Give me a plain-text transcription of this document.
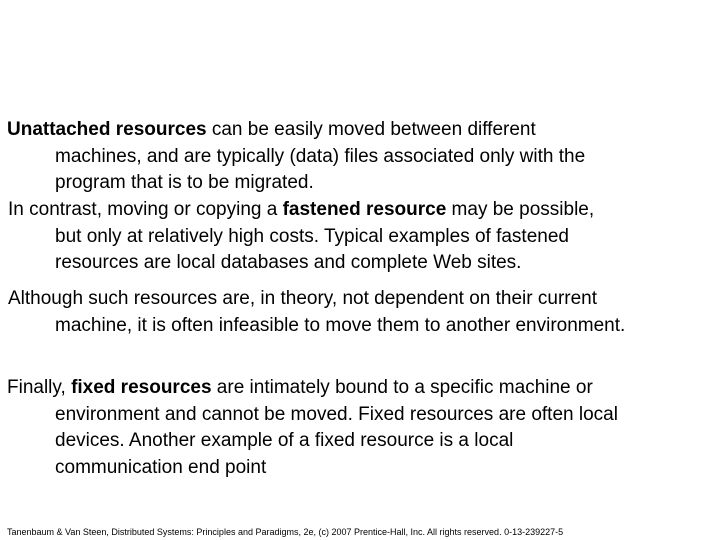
Unattached resources can be easily moved between different
machines, and are typically (data) files associated only with the
program that is to be migrated.
In contrast, moving or copying a fastened resource may be possible,
but only at relatively high costs. Typical examples of fastened
resources are local databases and complete Web sites.
Although such resources are, in theory, not dependent on their current
machine, it is often infeasible to move them to another environment.
Finally, fixed resources are intimately bound to a specific machine or
environment and cannot be moved. Fixed resources are often local
devices. Another example of a fixed resource is a local
communication end point
Tanenbaum & Van Steen, Distributed Systems: Principles and Paradigms, 2e, (c) 2007 Prentice-Hall, Inc. All rights reserved. 0-13-239227-5
